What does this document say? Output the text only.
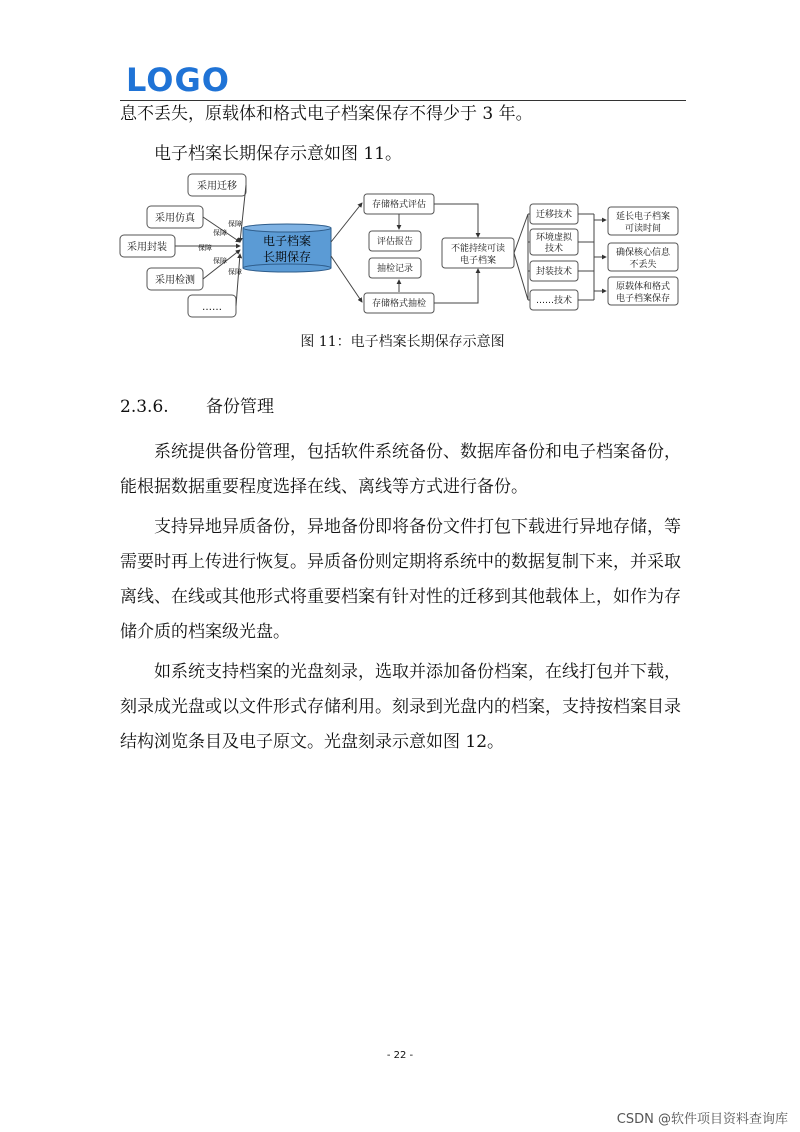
LOGO

息不丢失，原载体和格式电子档案保存不得少于 3 年。

电子档案长期保存示意如图 11。

保障
保障
保障
保障
保障
采用迁移
采用仿真
采用封装
采用检测
……
电子档案
长期保存
存储格式评估
评估报告
抽检记录
存储格式抽检
不能持续可读
电子档案
迁移技术
环境虚拟
技术
封装技术
……技术
延长电子档案
可读时间
确保核心信息
不丢失
原载体和格式
电子档案保存
图 11：电子档案长期保存示意图
2.3.6. 备份管理

系统提供备份管理，包括软件系统备份、数据库备份和电子档案备份，能根据数据重要程度选择在线、离线等方式进行备份。

支持异地异质备份，异地备份即将备份文件打包下载进行异地存储，等需要时再上传进行恢复。异质备份则定期将系统中的数据复制下来，并采取离线、在线或其他形式将重要档案有针对性的迁移到其他载体上，如作为存储介质的档案级光盘。

如系统支持档案的光盘刻录，选取并添加备份档案，在线打包并下载，刻录成光盘或以文件形式存储利用。刻录到光盘内的档案，支持按档案目录结构浏览条目及电子原文。光盘刻录示意如图 12。

- 22 -
CSDN @软件项目资料查询库
